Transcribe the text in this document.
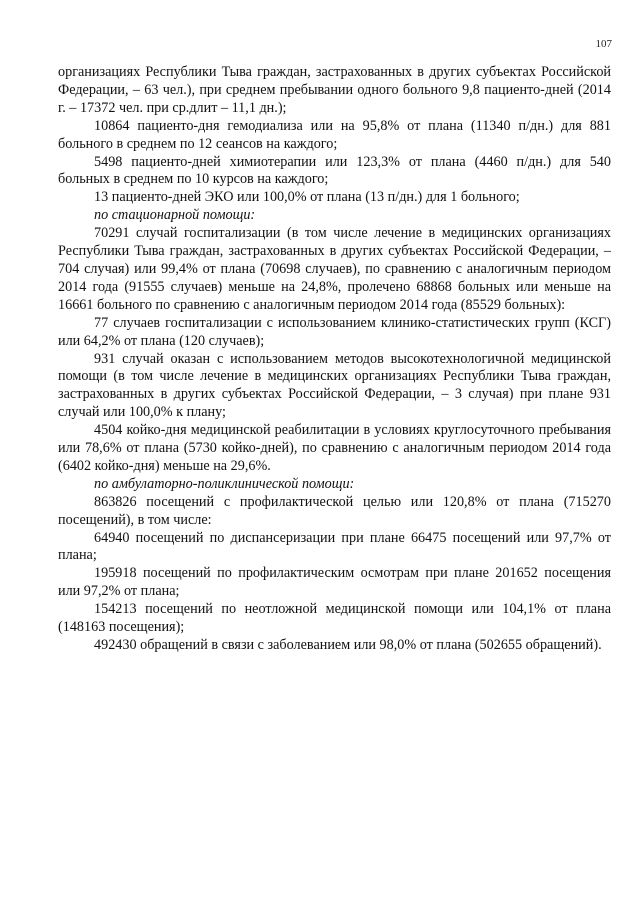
107

организациях Республики Тыва граждан, застрахованных в других субъектах Российской Федерации, – 63 чел.), при среднем пребывании одного больного 9,8 пациенто-дней (2014 г. – 17372 чел. при ср.длит – 11,1 дн.);

10864 пациенто-дня гемодиализа или на 95,8% от плана (11340 п/дн.) для 881 больного в среднем по 12 сеансов на каждого;

5498 пациенто-дней химиотерапии или 123,3% от плана (4460 п/дн.) для 540 больных в среднем по 10 курсов на каждого;

13 пациенто-дней ЭКО или 100,0% от плана (13 п/дн.) для 1 больного;

по стационарной помощи:

70291 случай госпитализации (в том числе лечение в медицинских организациях Республики Тыва граждан, застрахованных в других субъектах Российской Федерации, – 704 случая) или 99,4% от плана (70698 случаев), по сравнению с аналогичным периодом 2014 года (91555 случаев) меньше на 24,8%, пролечено 68868 больных или меньше на 16661 больного по сравнению с аналогичным периодом 2014 года (85529 больных):

77 случаев госпитализации с использованием клинико-статистических групп (КСГ) или 64,2% от плана (120 случаев);

931 случай оказан с использованием методов высокотехнологичной медицинской помощи (в том числе лечение в медицинских организациях Республики Тыва граждан, застрахованных в других субъектах Российской Федерации, – 3 случая) при плане 931 случай или 100,0% к плану;

4504 койко-дня медицинской реабилитации в условиях круглосуточного пребывания или 78,6% от плана (5730 койко-дней), по сравнению с аналогичным периодом 2014 года (6402 койко-дня) меньше на 29,6%.

по амбулаторно-поликлинической помощи:

863826 посещений с профилактической целью или 120,8% от плана (715270 посещений), в том числе:

64940 посещений по диспансеризации при плане 66475 посещений или 97,7% от плана;

195918 посещений по профилактическим осмотрам при плане 201652 посещения или 97,2% от плана;

154213 посещений по неотложной медицинской помощи или 104,1% от плана (148163 посещения);

492430 обращений в связи с заболеванием или 98,0% от плана (502655 обращений).
